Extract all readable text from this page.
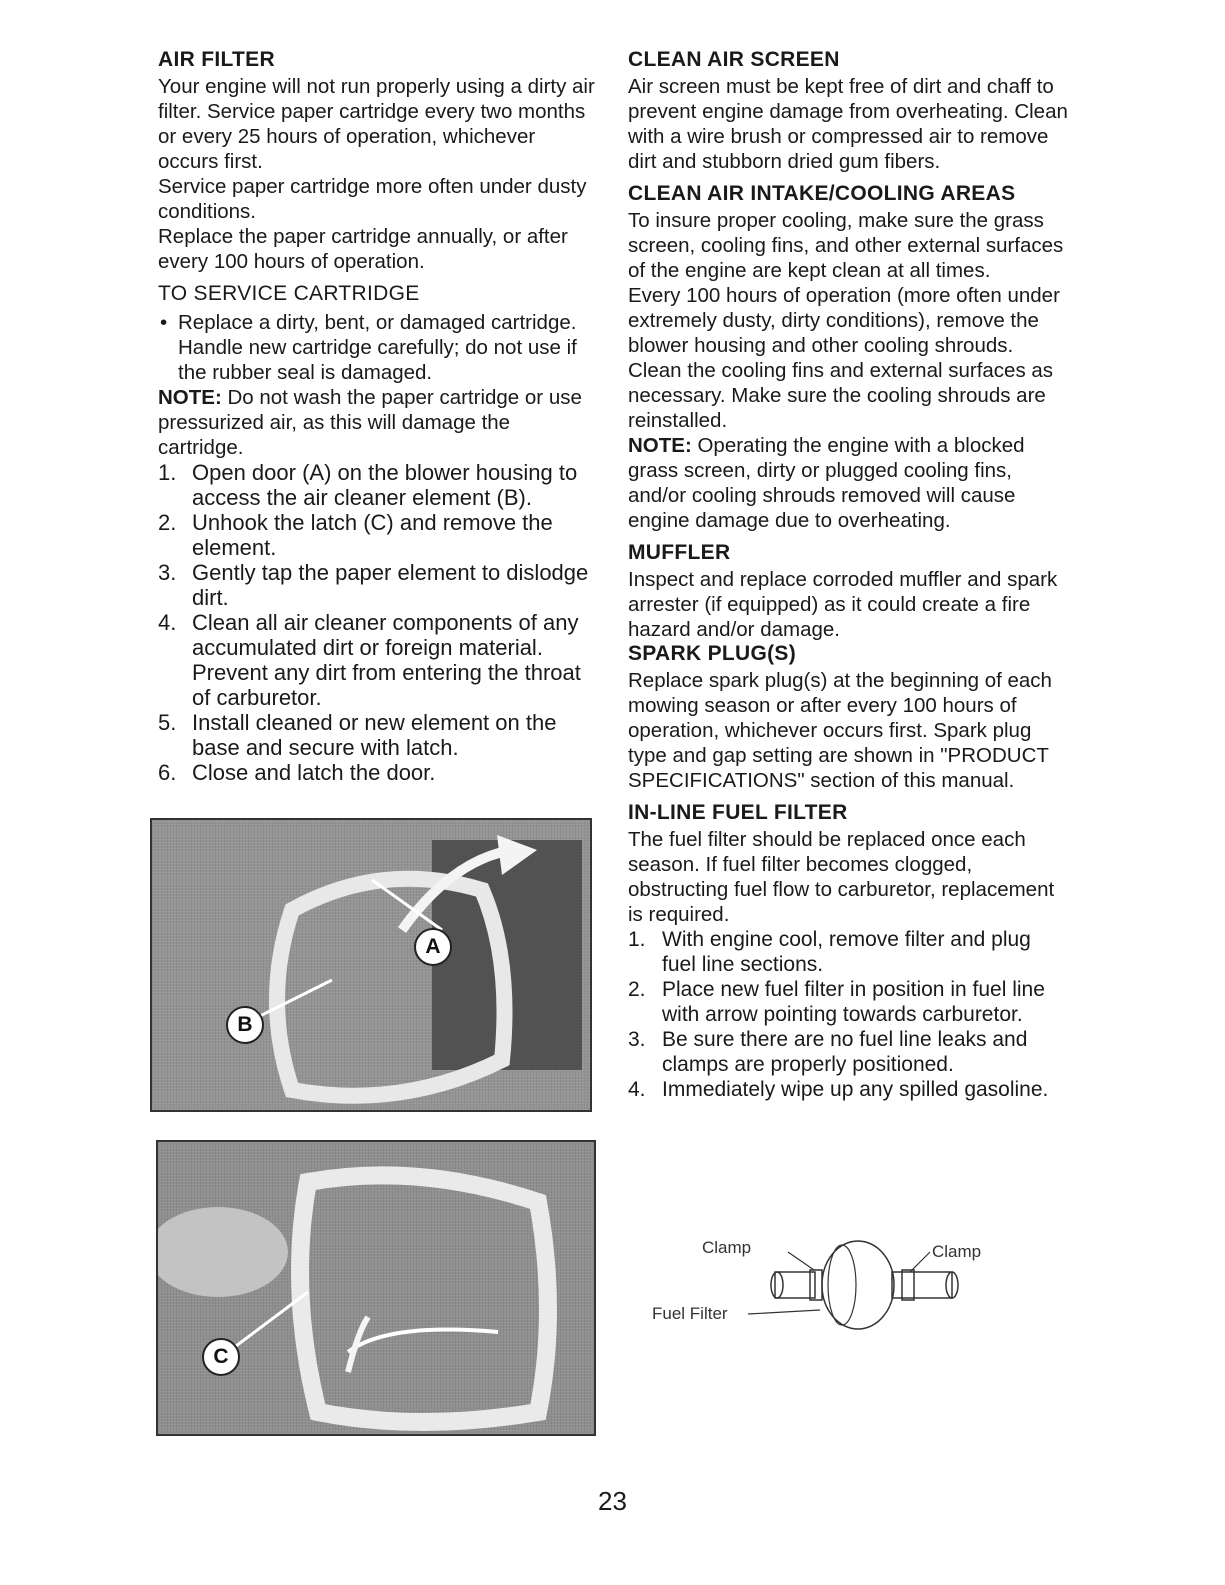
AIR FILTER

Your engine will not run properly using a dirty air filter. Service paper cartridge every two months or every 25 hours of operation, whichever occurs first.

Service paper cartridge more often under dusty conditions.

Replace the paper cartridge annually, or after every 100 hours of operation.

TO SERVICE CARTRIDGE
• Replace a dirty, bent, or damaged cartridge. Handle new cartridge carefully; do not use if the rubber seal is damaged.

NOTE: Do not wash the paper cartridge or use pressurized air, as this will damage the cartridge.

1. Open door (A) on the blower housing to access the air cleaner element (B).
2. Unhook the latch (C) and remove the element.
3. Gently tap the paper element to dislodge dirt.
4. Clean all air cleaner components of any accumulated dirt or foreign material. Prevent any dirt from entering the throat of carburetor.
5. Install cleaned or new element on the base and secure with latch.
6. Close and latch the door.
A
B
C
CLEAN AIR SCREEN

Air screen must be kept free of dirt and chaff to prevent engine damage from overheating. Clean with a wire brush or compressed air to remove dirt and stubborn dried gum fibers.

CLEAN AIR INTAKE/COOLING AREAS

To insure proper cooling, make sure the grass screen, cooling fins, and other external surfaces of the engine are kept clean at all times.

Every 100 hours of operation (more often under extremely dusty, dirty conditions), remove the blower housing and other cooling shrouds. Clean the cooling fins and external surfaces as necessary. Make sure the cooling shrouds are reinstalled.

NOTE: Operating the engine with a blocked grass screen, dirty or plugged cooling fins, and/or cooling shrouds removed will cause engine damage due to overheating.

MUFFLER

Inspect and replace corroded muffler and spark arrester (if equipped) as it could create a fire hazard and/or damage.

SPARK PLUG(S)

Replace spark plug(s) at the beginning of each mowing season or after every 100 hours of operation, whichever occurs first. Spark plug type and gap setting are shown in "PRODUCT SPECIFICATIONS" section of this manual.

IN-LINE FUEL FILTER

The fuel filter should be replaced once each season. If fuel filter becomes clogged, obstructing fuel flow to carburetor, replacement is required.

1. With engine cool, remove filter and plug fuel line sections.
2. Place new fuel filter in position in fuel line with arrow pointing towards carburetor.
3. Be sure there are no fuel line leaks and clamps are properly positioned.
4. Immediately wipe up any spilled gasoline.
Clamp	Clamp
Fuel Filter
23
